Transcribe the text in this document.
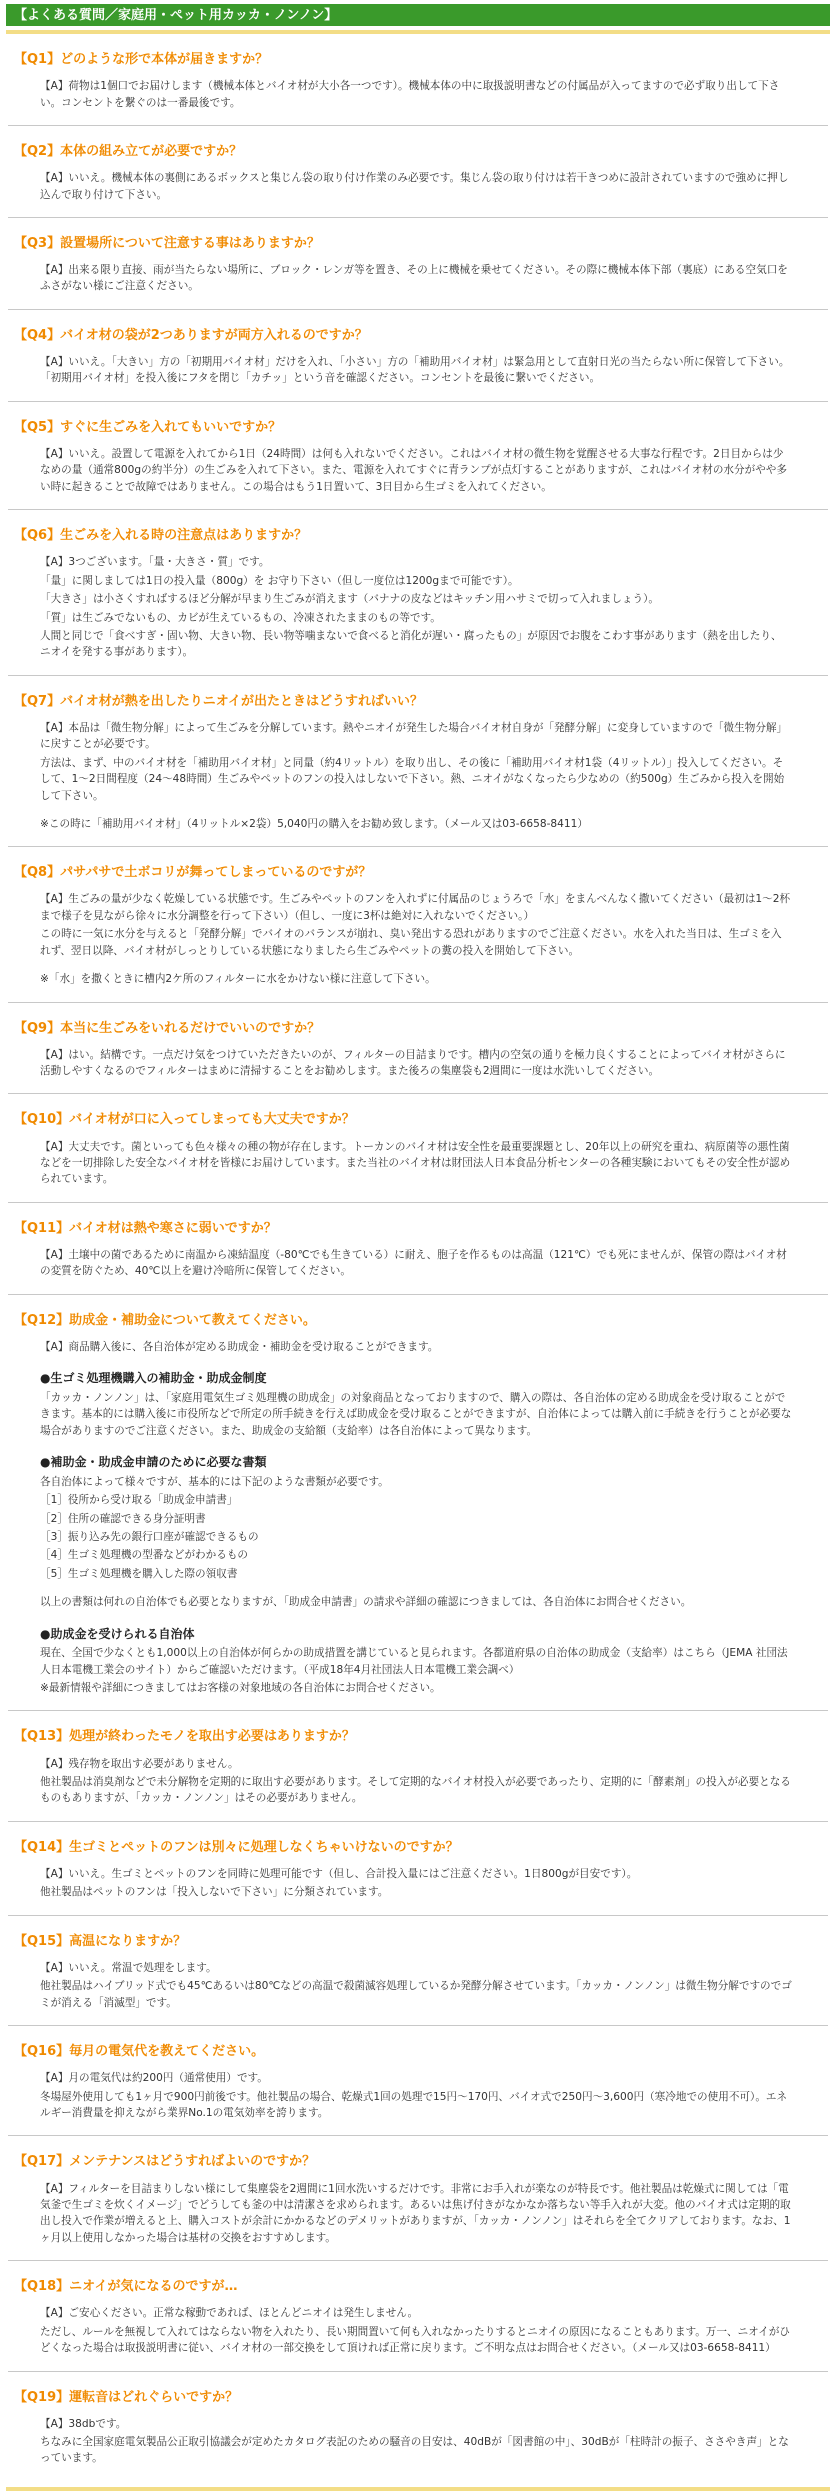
【よくある質問／家庭用・ペット用カッカ・ノンノン】
【Q1】どのような形で本体が届きますか？

【A】荷物は1個口でお届けします（機械本体とバイオ材が大小各一つです）。機械本体の中に取扱説明書などの付属品が入ってますので必ず取り出して下さい。コンセントを繋ぐのは一番最後です。

【Q2】本体の組み立てが必要ですか？

【A】いいえ。機械本体の裏側にあるボックスと集じん袋の取り付け作業のみ必要です。集じん袋の取り付けは若干きつめに設計されていますので強めに押し込んで取り付けて下さい。

【Q3】設置場所について注意する事はありますか？

【A】出来る限り直接、雨が当たらない場所に、ブロック・レンガ等を置き、その上に機械を乗せてください。その際に機械本体下部（裏底）にある空気口をふさがない様にご注意ください。

【Q4】バイオ材の袋が2つありますが両方入れるのですか？

【A】いいえ。「大きい」方の「初期用バイオ材」だけを入れ、「小さい」方の「補助用バイオ材」は緊急用として直射日光の当たらない所に保管して下さい。「初期用バイオ材」を投入後にフタを閉じ「カチッ」という音を確認ください。コンセントを最後に繋いでください。

【Q5】すぐに生ごみを入れてもいいですか？

【A】いいえ。設置して電源を入れてから1日（24時間）は何も入れないでください。これはバイオ材の微生物を覚醒させる大事な行程です。2日目からは少なめの量（通常800gの約半分）の生ごみを入れて下さい。また、電源を入れてすぐに青ランプが点灯することがありますが、これはバイオ材の水分がやや多い時に起きることで故障ではありません。この場合はもう1日置いて、3日目から生ゴミを入れてください。

【Q6】生ごみを入れる時の注意点はありますか？

【A】3つございます。「量・大きさ・質」です。

「量」に関しましては1日の投入量（800g）を お守り下さい（但し一度位は1200gまで可能です）。

「大きさ」は小さくすればするほど分解が早まり生ごみが消えます（バナナの皮などはキッチン用ハサミで切って入れましょう）。

「質」は生ごみでないもの、カビが生えているもの、冷凍されたままのもの等です。

人間と同じで「食べすぎ・固い物、大きい物、長い物等噛まないで食べると消化が遅い・腐ったもの」が原因でお腹をこわす事があります（熱を出したり、ニオイを発する事があります）。

【Q7】バイオ材が熱を出したりニオイが出たときはどうすればいい？

【A】本品は「微生物分解」によって生ごみを分解しています。熱やニオイが発生した場合バイオ材自身が「発酵分解」に変身していますので「微生物分解」に戻すことが必要です。

方法は、まず、中のバイオ材を「補助用バイオ材」と同量（約4リットル）を取り出し、その後に「補助用バイオ材1袋（4リットル）」投入してください。そして、1～2日間程度（24～48時間）生ごみやペットのフンの投入はしないで下さい。熱、ニオイがなくなったら少なめの（約500g）生ごみから投入を開始して下さい。

※この時に「補助用バイオ材」（4リットル×2袋）5,040円の購入をお勧め致します。（メール又は03-6658-8411）

【Q8】パサパサで土ボコリが舞ってしまっているのですが？

【A】生ごみの量が少なく乾燥している状態です。生ごみやペットのフンを入れずに付属品のじょうろで「水」をまんべんなく撒いてください（最初は1～2杯まで様子を見ながら徐々に水分調整を行って下さい）（但し、一度に3杯は絶対に入れないでください。）

この時に一気に水分を与えると「発酵分解」でバイオのバランスが崩れ、臭い発出する恐れがありますのでご注意ください。水を入れた当日は、生ゴミを入れず、翌日以降、バイオ材がしっとりしている状態になりましたら生ごみやペットの糞の投入を開始して下さい。

※「水」を撒くときに槽内2ケ所のフィルターに水をかけない様に注意して下さい。

【Q9】本当に生ごみをいれるだけでいいのですか？

【A】はい。結構です。一点だけ気をつけていただきたいのが、フィルターの目詰まりです。槽内の空気の通りを極力良くすることによってバイオ材がさらに活動しやすくなるのでフィルターはまめに清掃することをお勧めします。また後ろの集塵袋も2週間に一度は水洗いしてください。

【Q10】バイオ材が口に入ってしまっても大丈夫ですか？

【A】大丈夫です。菌といっても色々様々の種の物が存在します。トーカンのバイオ材は安全性を最重要課題とし、20年以上の研究を重ね、病原菌等の悪性菌などを一切排除した安全なバイオ材を皆様にお届けしています。また当社のバイオ材は財団法人日本食品分析センターの各種実験においてもその安全性が認められています。

【Q11】バイオ材は熱や寒さに弱いですか？

【A】土壌中の菌であるために南温から凍結温度（-80℃でも生きている）に耐え、胞子を作るものは高温（121℃）でも死にませんが、保管の際はバイオ材の変質を防ぐため、40℃以上を避け冷暗所に保管してください。

【Q12】助成金・補助金について教えてください。

【A】商品購入後に、各自治体が定める助成金・補助金を受け取ることができます。

●生ゴミ処理機購入の補助金・助成金制度

「カッカ・ノンノン」は、「家庭用電気生ゴミ処理機の助成金」の対象商品となっておりますので、購入の際は、各自治体の定める助成金を受け取ることができます。基本的には購入後に市役所などで所定の所手続きを行えば助成金を受け取ることができますが、自治体によっては購入前に手続きを行うことが必要な場合がありますのでご注意ください。また、助成金の支給額（支給率）は各自治体によって異なります。

●補助金・助成金申請のために必要な書類

各自治体によって様々ですが、基本的には下記のような書類が必要です。

［1］役所から受け取る「助成金申請書」

［2］住所の確認できる身分証明書

［3］振り込み先の銀行口座が確認できるもの

［4］生ゴミ処理機の型番などがわかるもの

［5］生ゴミ処理機を購入した際の領収書

以上の書類は何れの自治体でも必要となりますが、「助成金申請書」の請求や詳細の確認につきましては、各自治体にお問合せください。

●助成金を受けられる自治体

現在、全国で少なくとも1,000以上の自治体が何らかの助成措置を講じていると見られます。各都道府県の自治体の助成金（支給率）はこちら（JEMA 社団法人日本電機工業会のサイト）からご確認いただけます。（平成18年4月社団法人日本電機工業会調べ）

※最新情報や詳細につきましてはお客様の対象地域の各自治体にお問合せください。

【Q13】処理が終わったモノを取出す必要はありますか？

【A】残存物を取出す必要がありません。

他社製品は消臭剤などで未分解物を定期的に取出す必要があります。そして定期的なバイオ材投入が必要であったり、定期的に「酵素剤」の投入が必要となるものもありますが、「カッカ・ノンノン」はその必要がありません。

【Q14】生ゴミとペットのフンは別々に処理しなくちゃいけないのですか？

【A】いいえ。生ゴミとペットのフンを同時に処理可能です（但し、合計投入量にはご注意ください。1日800gが目安です）。

他社製品はペットのフンは「投入しないで下さい」に分類されています。

【Q15】高温になりますか？

【A】いいえ。常温で処理をします。

他社製品はハイブリッド式でも45℃あるいは80℃などの高温で殺菌滅容処理しているか発酵分解させています。「カッカ・ノンノン」は微生物分解ですのでゴミが消える「消滅型」です。

【Q16】毎月の電気代を教えてください。

【A】月の電気代は約200円（通常使用）です。

冬場屋外使用しても1ヶ月で900円前後です。他社製品の場合、乾燥式1回の処理で15円～170円、バイオ式で250円～3,600円（寒冷地での使用不可）。エネルギー消費量を抑えながら業界No.1の電気効率を誇ります。

【Q17】メンテナンスはどうすればよいのですか？

【A】フィルターを目詰まりしない様にして集塵袋を2週間に1回水洗いするだけです。非常にお手入れが楽なのが特長です。他社製品は乾燥式に関しては「電気釜で生ゴミを炊くイメージ」でどうしても釜の中は清潔さを求められます。あるいは焦げ付きがなかなか落ちない等手入れが大変。他のバイオ式は定期的取出し投入で作業が増えると上、購入コストが余計にかかるなどのデメリットがありますが、「カッカ・ノンノン」はそれらを全てクリアしております。なお、1ヶ月以上使用しなかった場合は基材の交換をおすすめします。

【Q18】ニオイが気になるのですが…

【A】ご安心ください。正常な稼動であれば、ほとんどニオイは発生しません。

ただし、ルールを無視して入れてはならない物を入れたり、長い期間置いて何も入れなかったりするとニオイの原因になることもあります。万一、ニオイがひどくなった場合は取扱説明書に従い、バイオ材の一部交換をして頂ければ正常に戻ります。ご不明な点はお問合せください。（メール又は03-6658-8411）

【Q19】運転音はどれぐらいですか？

【A】38dbです。

ちなみに全国家庭電気製品公正取引協議会が定めたカタログ表記のための騒音の目安は、40dBが「図書館の中」、30dBが「柱時計の振子、ささやき声」となっています。
